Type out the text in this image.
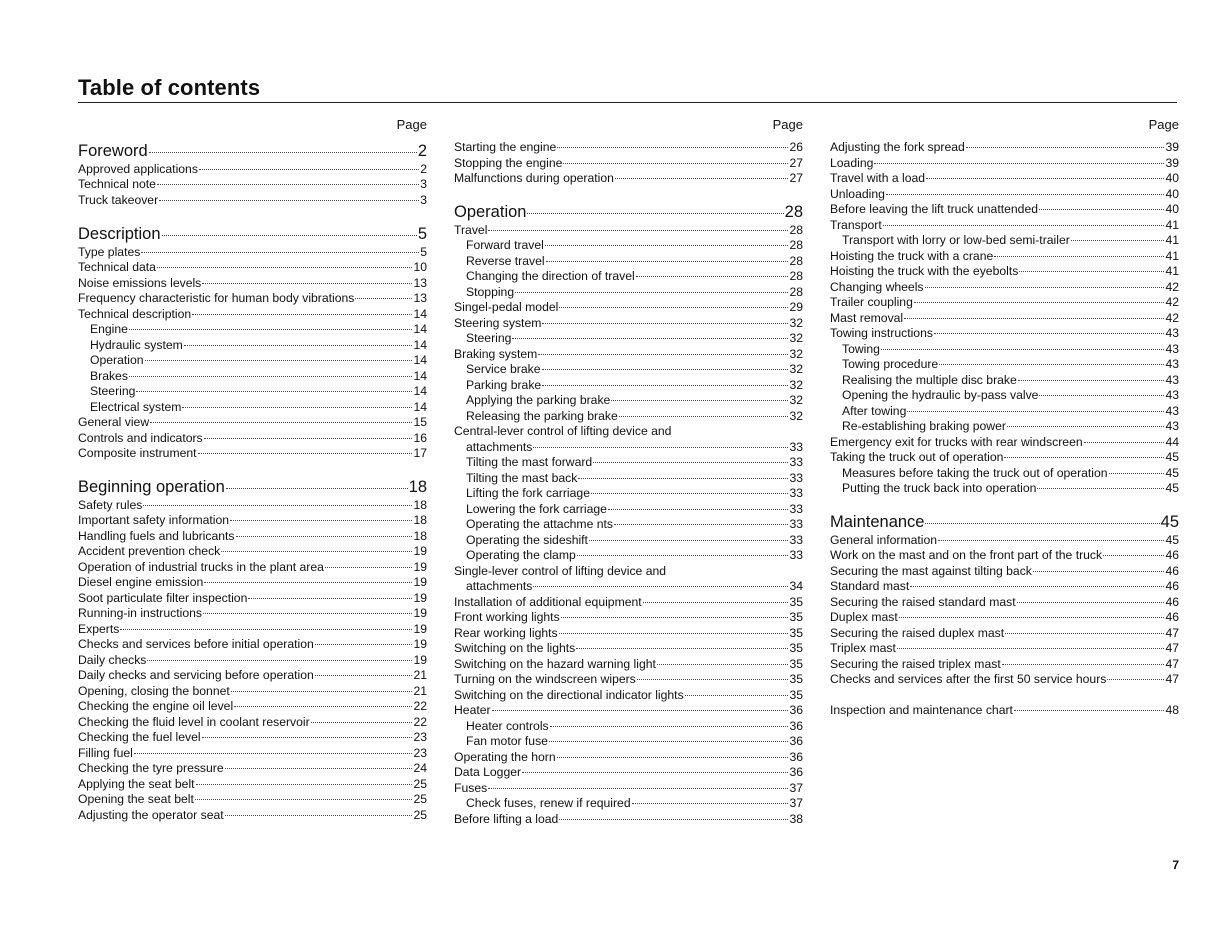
Table of contents
Page
Foreword	2
Approved applications	2
Technical note	3
Truck takeover	3
Description	5
Type plates	5
Technical data	10
Noise emissions levels	13
Frequency characteristic for human body vibrations	13
Technical description	14
Engine	14
Hydraulic system	14
Operation	14
Brakes	14
Steering	14
Electrical system	14
General view	15
Controls and indicators	16
Composite instrument	17
Beginning operation	18
Safety rules	18
Important safety information	18
Handling fuels and lubricants	18
Accident prevention check	19
Operation of industrial trucks in the plant area	19
Diesel engine emission	19
Soot particulate filter inspection	19
Running-in instructions	19
Experts	19
Checks and services before initial operation	19
Daily checks	19
Daily checks and servicing before operation	21
Opening, closing the bonnet	21
Checking the engine oil level	22
Checking the fluid level in coolant reservoir	22
Checking the fuel level	23
Filling fuel	23
Checking the tyre pressure	24
Applying the seat belt	25
Opening the seat belt	25
Adjusting the operator seat	25
Page
Starting the engine	26
Stopping the engine	27
Malfunctions during operation	27
Operation	28
Travel	28
Forward travel	28
Reverse travel	28
Changing the direction of travel	28
Stopping	28
Singel-pedal model	29
Steering system	32
Steering	32
Braking system	32
Service brake	32
Parking brake	32
Applying the parking brake	32
Releasing the parking brake	32
Central-lever control of lifting device and
attachments	33
Tilting the mast forward	33
Tilting the mast back	33
Lifting the fork carriage	33
Lowering the fork carriage	33
Operating the attachme nts	33
Operating the sideshift	33
Operating the clamp	33
Single-lever control of lifting device and
attachments	34
Installation of additional equipment	35
Front working lights	35
Rear working lights	35
Switching on the lights	35
Switching on the hazard warning light	35
Turning on the windscreen wipers	35
Switching on the directional indicator lights	35
Heater	36
Heater controls	36
Fan motor fuse	36
Operating the horn	36
Data Logger	36
Fuses	37
Check fuses, renew if required	37
Before lifting a load	38
Page
Adjusting the fork spread	39
Loading	39
Travel with a load	40
Unloading	40
Before leaving the lift truck unattended	40
Transport	41
Transport with lorry or low-bed semi-trailer	41
Hoisting the truck with a crane	41
Hoisting the truck with the eyebolts	41
Changing wheels	42
Trailer coupling	42
Mast removal	42
Towing instructions	43
Towing	43
Towing procedure	43
Realising the multiple disc brake	43
Opening the hydraulic by-pass valve	43
After towing	43
Re-establishing braking power	43
Emergency exit for trucks with rear windscreen	44
Taking the truck out of operation	45
Measures before taking the truck out of operation	45
Putting the truck back into operation	45
Maintenance	45
General information	45
Work on the mast and on the front part of the truck	46
Securing the mast against tilting back	46
Standard mast	46
Securing the raised standard mast	46
Duplex mast	46
Securing the raised duplex mast	47
Triplex mast	47
Securing the raised triplex mast	47
Checks and services after the first 50 service hours	47
Inspection and maintenance chart	48
7
